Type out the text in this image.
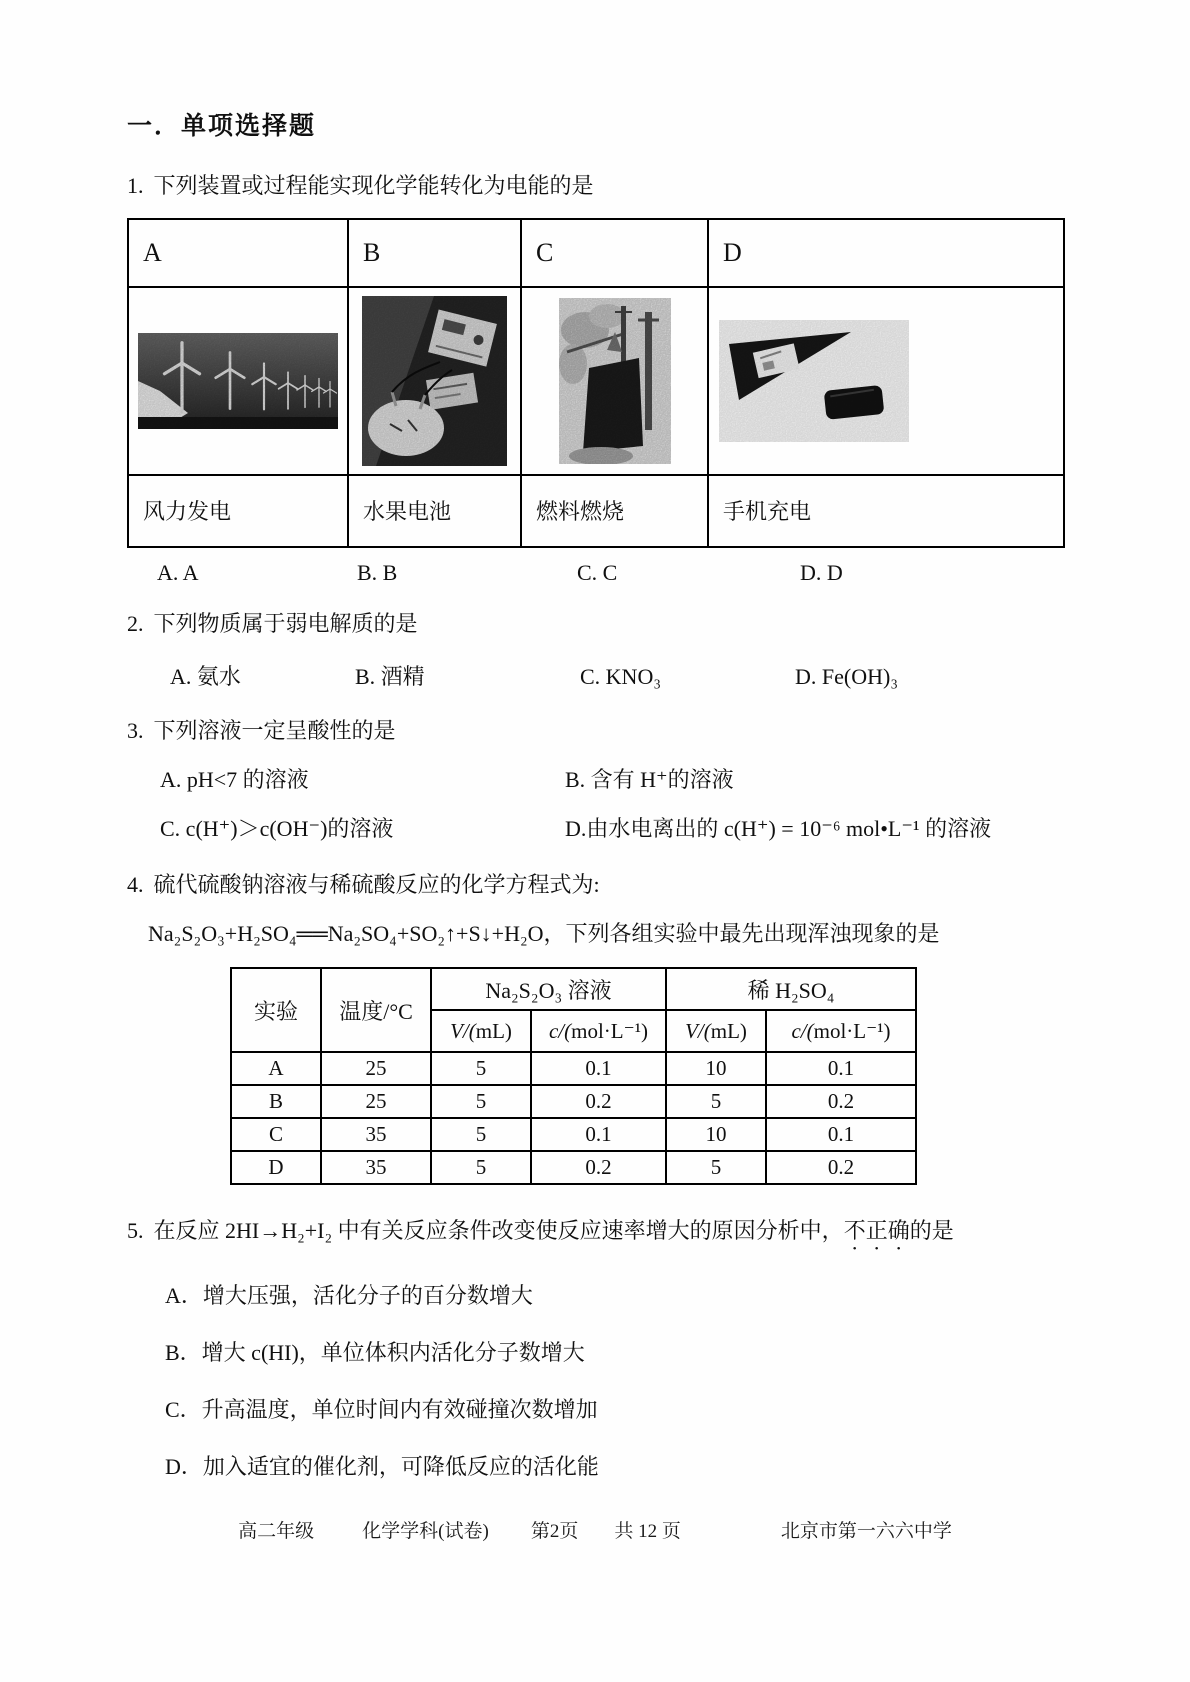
一．单项选择题
1. 下列装置或过程能实现化学能转化为电能的是
A	B	C	D

风力发电	水果电池	燃料燃烧	手机充电
A. A	B. B	C. C	D. D
2. 下列物质属于弱电解质的是
A. 氨水	B. 酒精	C. KNO₃	D. Fe(OH)₃
3. 下列溶液一定呈酸性的是
A. pH<7 的溶液	B. 含有 H⁺的溶液
C. c(H⁺)＞c(OH⁻)的溶液	D.由水电离出的 c(H⁺) = 10⁻⁶ mol•L⁻¹ 的溶液
4. 硫代硫酸钠溶液与稀硫酸反应的化学方程式为:
Na₂S₂O₃+H₂SO₄══Na₂SO₄+SO₂↑+S↓+H₂O，下列各组实验中最先出现浑浊现象的是
实验	温度/°C	Na₂S₂O₃ 溶液		稀 H₂SO₄	
		V/(mL)	c/(mol·L⁻¹)	V/(mL)	c/(mol·L⁻¹)
A	25	5	0.1	10	0.1
B	25	5	0.2	5	0.2
C	35	5	0.1	10	0.1
D	35	5	0.2	5	0.2
5. 在反应 2HI→H₂+I₂ 中有关反应条件改变使反应速率增大的原因分析中，不正确的是
A．增大压强，活化分子的百分数增大
B．增大 c(HI)，单位体积内活化分子数增大
C．升高温度，单位时间内有效碰撞次数增加
D．加入适宜的催化剂，可降低反应的活化能
高二年级	化学学科(试卷) 第2页 共 12 页	北京市第一六六中学
